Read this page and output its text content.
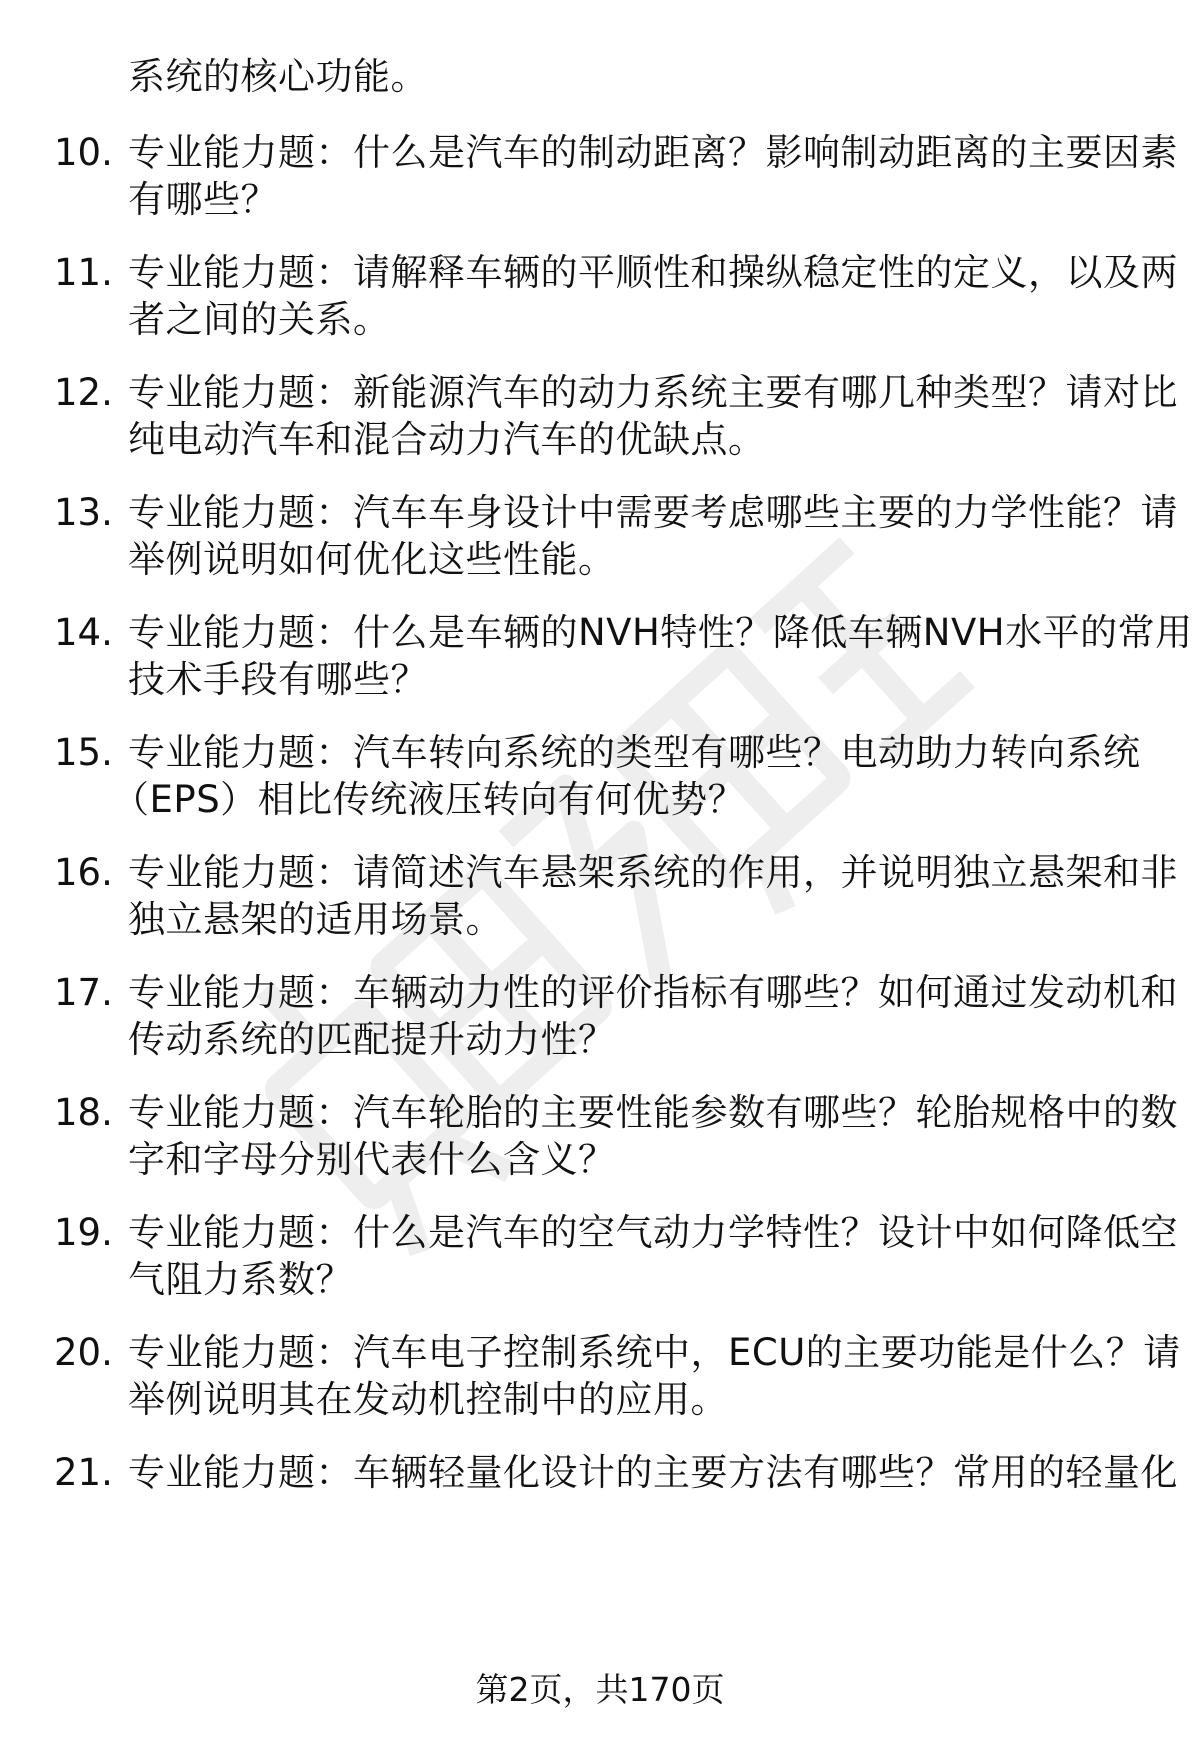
系统的核心功能。
10. 专业能力题：什么是汽车的制动距离？影响制动距离的主要因素
有哪些？
11. 专业能力题：请解释车辆的平顺性和操纵稳定性的定义，以及两
者之间的关系。
12. 专业能力题：新能源汽车的动力系统主要有哪几种类型？请对比
纯电动汽车和混合动力汽车的优缺点。
13. 专业能力题：汽车车身设计中需要考虑哪些主要的力学性能？请
举例说明如何优化这些性能。
14. 专业能力题：什么是车辆的NVH特性？降低车辆NVH水平的常用
技术手段有哪些？
15. 专业能力题：汽车转向系统的类型有哪些？电动助力转向系统
（EPS）相比传统液压转向有何优势？
16. 专业能力题：请简述汽车悬架系统的作用，并说明独立悬架和非
独立悬架的适用场景。
17. 专业能力题：车辆动力性的评价指标有哪些？如何通过发动机和
传动系统的匹配提升动力性？
18. 专业能力题：汽车轮胎的主要性能参数有哪些？轮胎规格中的数
字和字母分别代表什么含义？
19. 专业能力题：什么是汽车的空气动力学特性？设计中如何降低空
气阻力系数？
20. 专业能力题：汽车电子控制系统中，ECU的主要功能是什么？请
举例说明其在发动机控制中的应用。
21. 专业能力题：车辆轻量化设计的主要方法有哪些？常用的轻量化
第2页，共170页
